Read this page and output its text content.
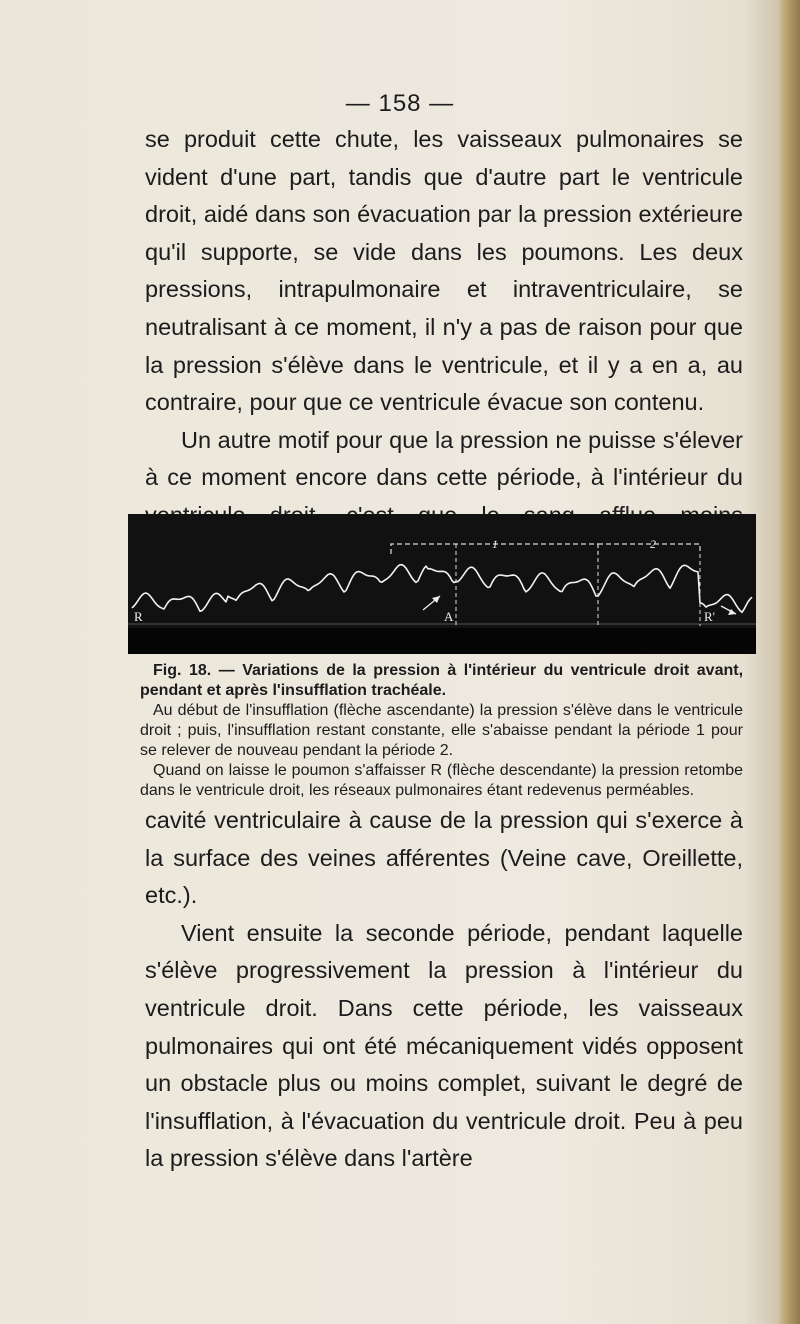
— 158 —

se produit cette chute, les vaisseaux pulmonaires se vident d'une part, tandis que d'autre part le ventricule droit, aidé dans son évacuation par la pression extérieure qu'il supporte, se vide dans les poumons. Les deux pressions, intrapulmonaire et intraventriculaire, se neutralisant à ce moment, il n'y a pas de raison pour que la pression s'élève dans le ventricule, et il y a en a, au contraire, pour que ce ventricule évacue son contenu.

Un autre motif pour que la pression ne puisse s'élever à ce moment encore dans cette période, à l'intérieur du

R	A	R'
1	2

Fig. 18. — Variations de la pression à l'intérieur du ventricule droit avant, pendant et après l'insufflation trachéale.

Au début de l'insufflation (flèche ascendante) la pression s'élève dans le ventricule droit ; puis, l'insufflation restant constante, elle s'abaisse pendant la période 1 pour se relever de nouveau pendant la période 2.

Quand on laisse le poumon s'affaisser R (flèche descendante) la pression retombe dans le ventricule droit, les réseaux pulmonaires étant redevenus perméables.

cavité ventriculaire à cause de la pression qui s'exerce à la surface des veines afférentes (Veine cave, Oreillette, etc.).

Vient ensuite la seconde période, pendant laquelle s'élève progressivement la pression à l'intérieur du ventricule droit. Dans cette période, les vaisseaux pulmonaires qui ont été mécaniquement vidés opposent un obstacle plus ou moins complet, suivant le degré de l'insufflation, à l'évacuation du ventricule droit. Peu à peu la pression s'élève dans l'artère
